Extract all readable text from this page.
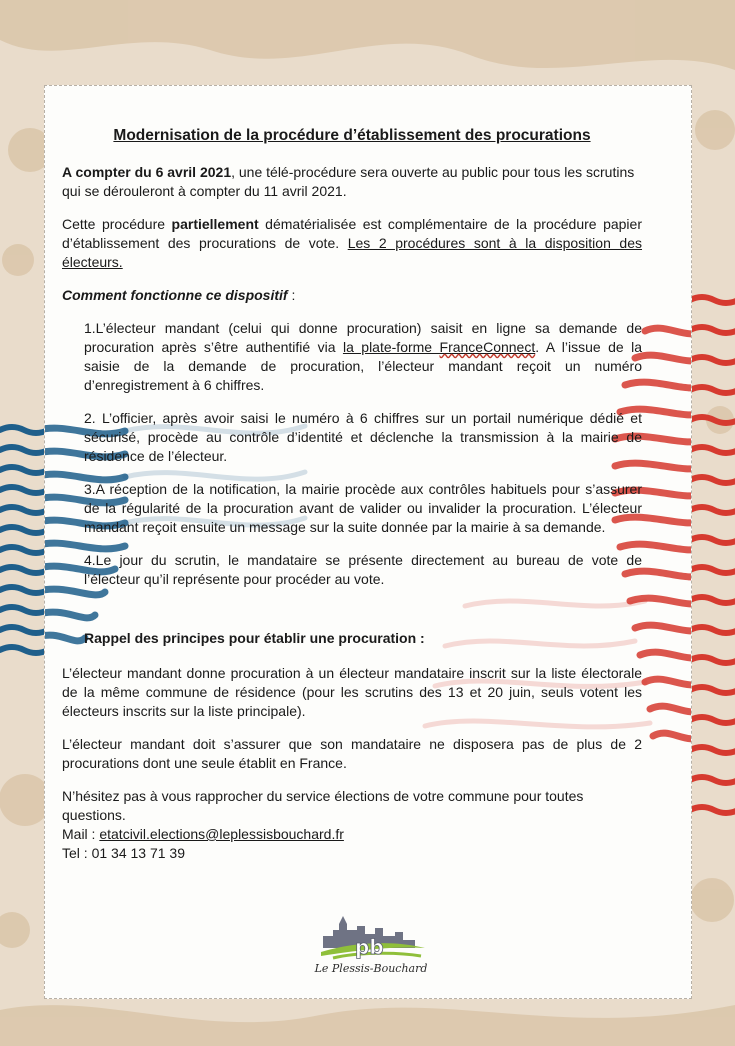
Modernisation de la procédure d’établissement des procurations

A compter du 6 avril 2021, une télé-procédure sera ouverte au public pour tous les scrutins qui se dérouleront à compter du 11 avril 2021.

Cette procédure partiellement dématérialisée est complémentaire de la procédure papier d’établissement des procurations de vote. Les 2 procédures sont à la disposition des électeurs.

Comment fonctionne ce dispositif :

1.L’électeur mandant (celui qui donne procuration) saisit en ligne sa demande de procuration après s’être authentifié via la plate-forme FranceConnect. A l’issue de la saisie de la demande de procuration, l’électeur mandant reçoit un numéro d’enregistrement à 6 chiffres.

2. L’officier, après avoir saisi le numéro à 6 chiffres sur un portail numérique dédié et sécurisé, procède au contrôle d’identité et déclenche la transmission à la mairie de résidence de l’électeur.

3.A réception de la notification, la mairie procède aux contrôles habituels pour s’assurer de la régularité de la procuration avant de valider ou invalider la procuration. L’électeur mandant reçoit ensuite un message sur la suite donnée par la mairie à sa demande.

4.Le jour du scrutin, le mandataire se présente directement au bureau de vote de l’électeur qu’il représente pour procéder au vote.

Rappel des principes pour établir une procuration :

L’électeur mandant donne procuration à un électeur mandataire inscrit sur la liste électorale de la même commune de résidence (pour les scrutins des 13 et 20 juin, seuls votent les électeurs inscrits sur la liste principale).

L’électeur mandant doit s’assurer que son mandataire ne disposera pas de plus de 2 procurations dont une seule établit en France.

N’hésitez pas à vous rapprocher du service élections de votre commune pour toutes questions.

Mail : etatcivil.elections@leplessisbouchard.fr

Tel : 01 34 13 71 39

pb
Le Plessis-Bouchard
